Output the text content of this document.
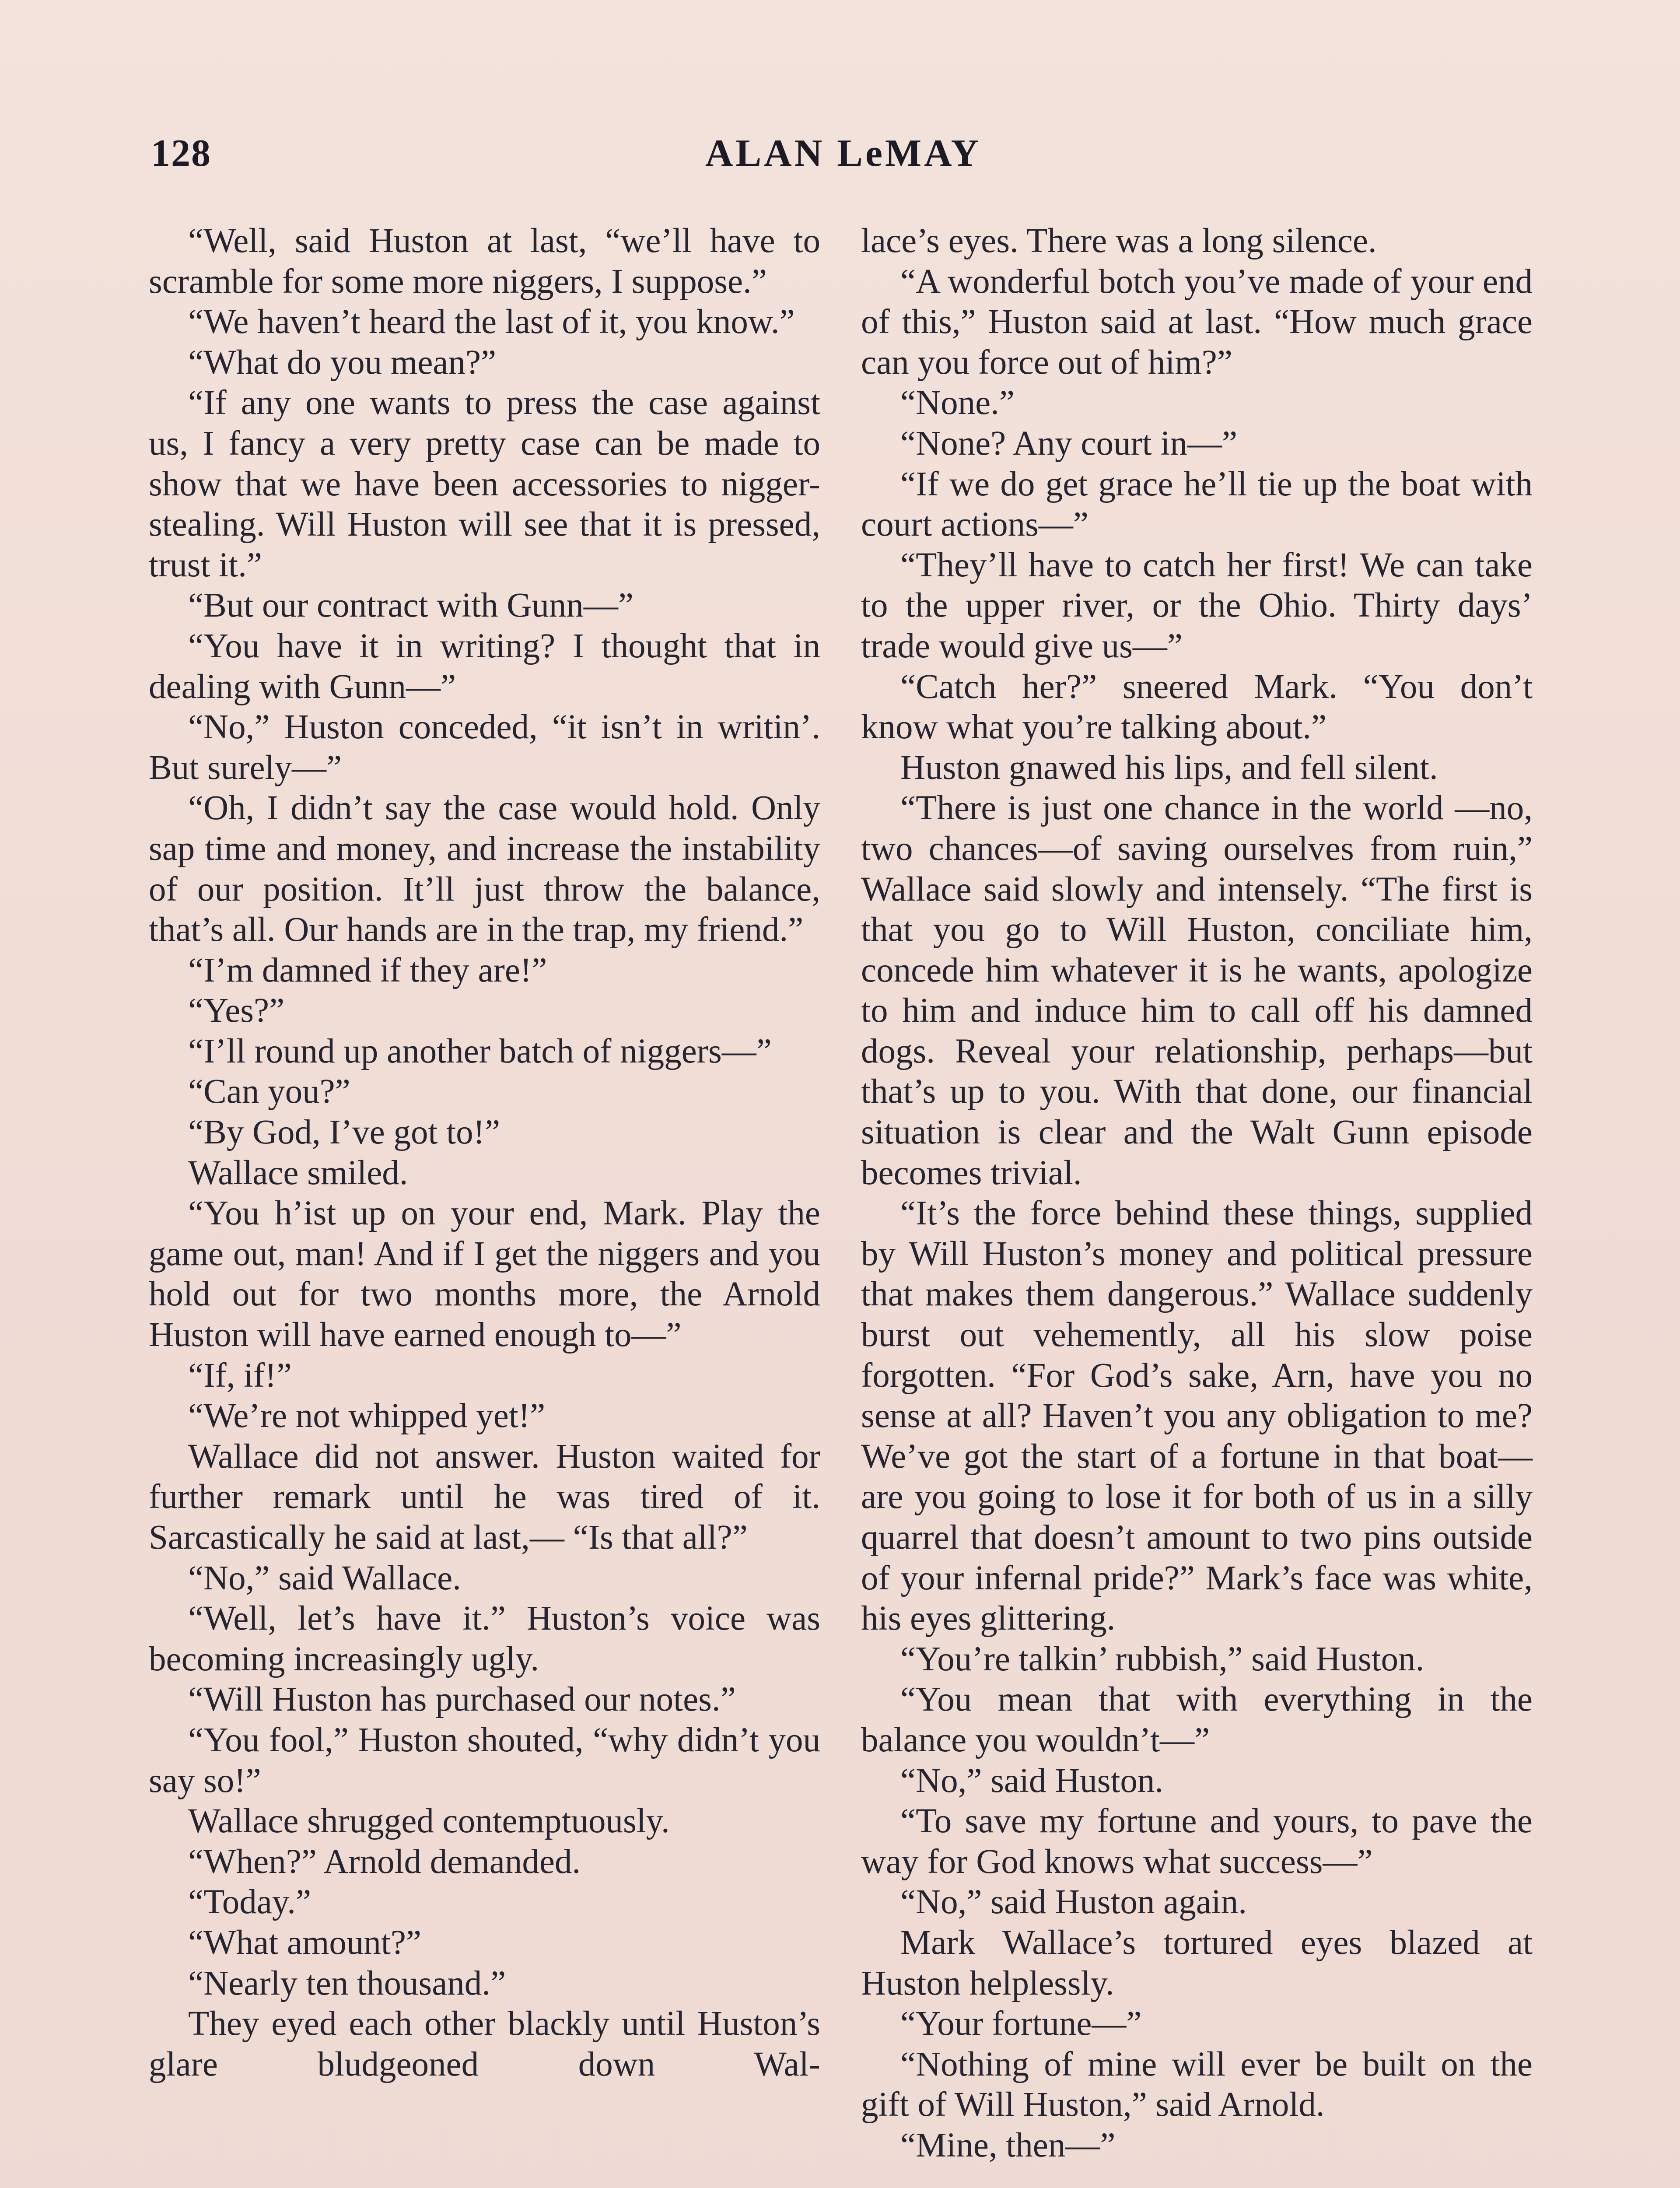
128	ALAN LeMAY

“Well, said Huston at last, “we’ll have to scramble for some more niggers, I suppose.”

“We haven’t heard the last of it, you know.”

“What do you mean?”

“If any one wants to press the case against us, I fancy a very pretty case can be made to show that we have been accessories to nigger-stealing. Will Huston will see that it is pressed, trust it.”

“But our contract with Gunn—”

“You have it in writing? I thought that in dealing with Gunn—”

“No,” Huston conceded, “it isn’t in writin’. But surely—”

“Oh, I didn’t say the case would hold. Only sap time and money, and increase the instability of our position. It’ll just throw the balance, that’s all. Our hands are in the trap, my friend.”

“I’m damned if they are!”

“Yes?”

“I’ll round up another batch of niggers—”

“Can you?”

“By God, I’ve got to!”

Wallace smiled.

“You h’ist up on your end, Mark. Play the game out, man! And if I get the niggers and you hold out for two months more, the Arnold Huston will have earned enough to—”

“If, if!”

“We’re not whipped yet!”

Wallace did not answer. Huston waited for further remark until he was tired of it. Sarcastically he said at last,— “Is that all?”

“No,” said Wallace.

“Well, let’s have it.” Huston’s voice was becoming increasingly ugly.

“Will Huston has purchased our notes.”

“You fool,” Huston shouted, “why didn’t you say so!”

Wallace shrugged contemptuously.

“When?” Arnold demanded.

“Today.”

“What amount?”

“Nearly ten thousand.”

They eyed each other blackly until Huston’s glare bludgeoned down Wal-

lace’s eyes. There was a long silence.

“A wonderful botch you’ve made of your end of this,” Huston said at last. “How much grace can you force out of him?”

“None.”

“None? Any court in—”

“If we do get grace he’ll tie up the boat with court actions—”

“They’ll have to catch her first! We can take to the upper river, or the Ohio. Thirty days’ trade would give us—”

“Catch her?” sneered Mark. “You don’t know what you’re talking about.”

Huston gnawed his lips, and fell silent.

“There is just one chance in the world —no, two chances—of saving ourselves from ruin,” Wallace said slowly and intensely. “The first is that you go to Will Huston, conciliate him, concede him whatever it is he wants, apologize to him and induce him to call off his damned dogs. Reveal your relationship, perhaps—but that’s up to you. With that done, our financial situation is clear and the Walt Gunn episode becomes trivial.

“It’s the force behind these things, supplied by Will Huston’s money and political pressure that makes them dangerous.” Wallace suddenly burst out vehemently, all his slow poise forgotten. “For God’s sake, Arn, have you no sense at all? Haven’t you any obligation to me? We’ve got the start of a fortune in that boat—are you going to lose it for both of us in a silly quarrel that doesn’t amount to two pins outside of your infernal pride?” Mark’s face was white, his eyes glittering.

“You’re talkin’ rubbish,” said Huston.

“You mean that with everything in the balance you wouldn’t—”

“No,” said Huston.

“To save my fortune and yours, to pave the way for God knows what success—”

“No,” said Huston again.

Mark Wallace’s tortured eyes blazed at Huston helplessly.

“Your fortune—”

“Nothing of mine will ever be built on the gift of Will Huston,” said Arnold.

“Mine, then—”
